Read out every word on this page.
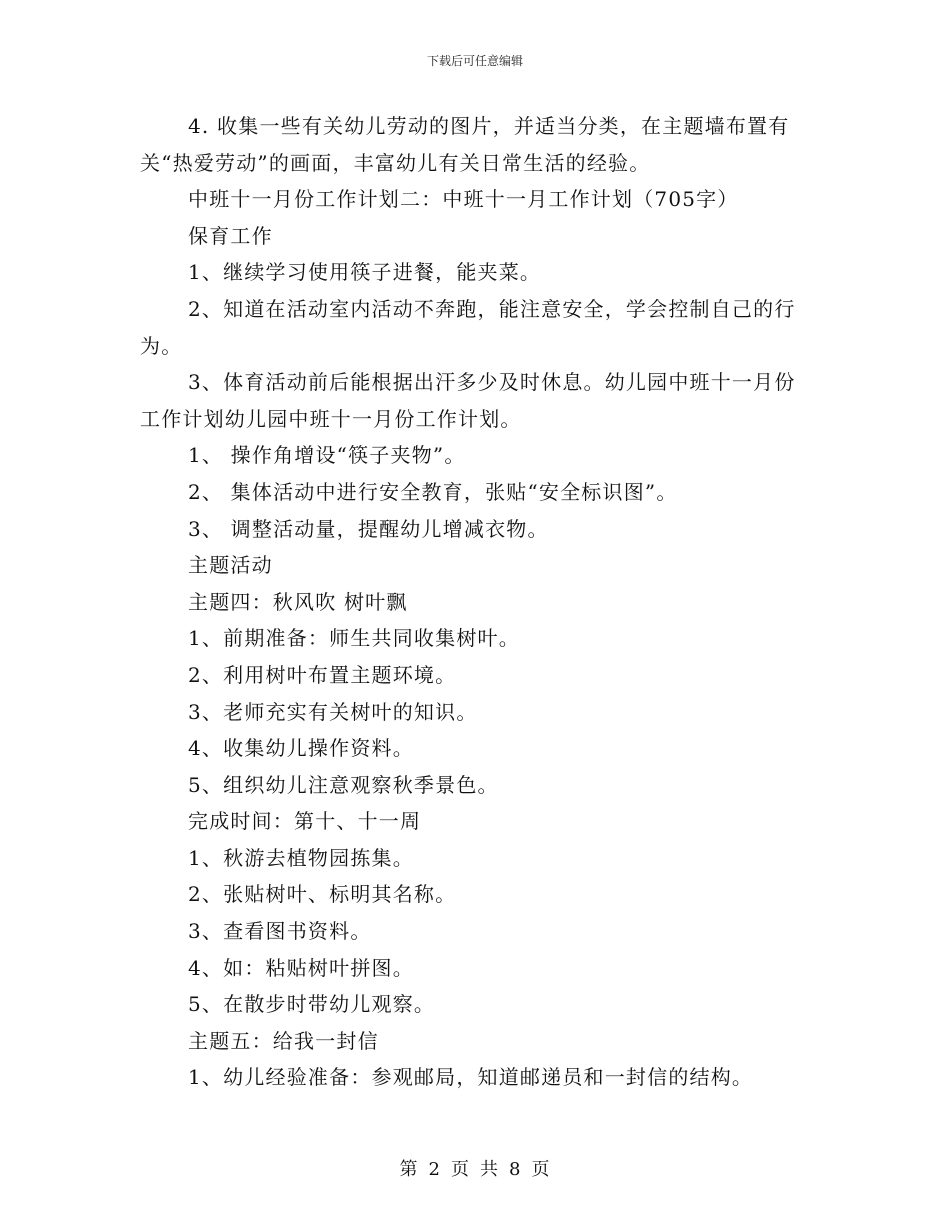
下载后可任意编辑

4. 收集一些有关幼儿劳动的图片，并适当分类，在主题墙布置有

关“热爱劳动”的画面，丰富幼儿有关日常生活的经验。

中班十一月份工作计划二：中班十一月工作计划（705字）

保育工作

1、继续学习使用筷子进餐，能夹菜。

2、知道在活动室内活动不奔跑，能注意安全，学会控制自己的行

为。

3、体育活动前后能根据出汗多少及时休息。幼儿园中班十一月份

工作计划幼儿园中班十一月份工作计划。

1、 操作角增设“筷子夹物”。

2、 集体活动中进行安全教育，张贴“安全标识图”。

3、 调整活动量，提醒幼儿增减衣物。

主题活动

主题四：秋风吹 树叶飘

1、前期准备：师生共同收集树叶。

2、利用树叶布置主题环境。

3、老师充实有关树叶的知识。

4、收集幼儿操作资料。

5、组织幼儿注意观察秋季景色。

完成时间：第十、十一周

1、秋游去植物园拣集。

2、张贴树叶、标明其名称。

3、查看图书资料。

4、如：粘贴树叶拼图。

5、在散步时带幼儿观察。

主题五：给我一封信

1、幼儿经验准备：参观邮局，知道邮递员和一封信的结构。

第 2 页 共 8 页
